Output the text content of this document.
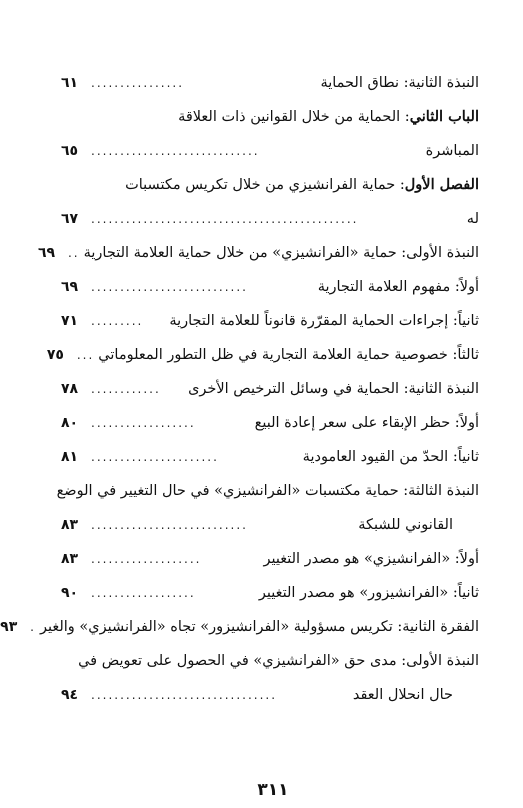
النبذة الثانية: نطاق الحماية
................
٦١
الباب الثاني: الحماية من خلال القوانين ذات العلاقة
المباشرة
.............................
٦٥
الفصل الأول: حماية الفرانشيزي من خلال تكريس مكتسبات
له
..............................................
٦٧
النبذة الأولى: حماية «الفرانشيزي» من خلال حماية العلامة التجارية
..
٦٩
أولاً: مفهوم العلامة التجارية
...........................
٦٩
ثانياً: إجراءات الحماية المقرّرة قانوناً للعلامة التجارية
.........
٧١
ثالثاً: خصوصية حماية العلامة التجارية في ظل التطور المعلوماتي
...
٧٥
النبذة الثانية: الحماية في وسائل الترخيص الأخرى
............
٧٨
أولاً: حظر الإبقاء على سعر إعادة البيع
..................
٨٠
ثانياً: الحدّ من القيود العامودية
......................
٨١
النبذة الثالثة: حماية مكتسبات «الفرانشيزي» في حال التغيير في الوضع
القانوني للشبكة
...........................
٨٣
أولاً: «الفرانشيزي» هو مصدر التغيير
...................
٨٣
ثانياً: «الفرانشيزور» هو مصدر التغيير
..................
٩٠
الفقرة الثانية: تكريس مسؤولية «الفرانشيزور» تجاه «الفرانشيزي» والغير
.
٩٣
النبذة الأولى: مدى حق «الفرانشيزي» في الحصول على تعويض في
حال انحلال العقد
................................
٩٤
٣١١
